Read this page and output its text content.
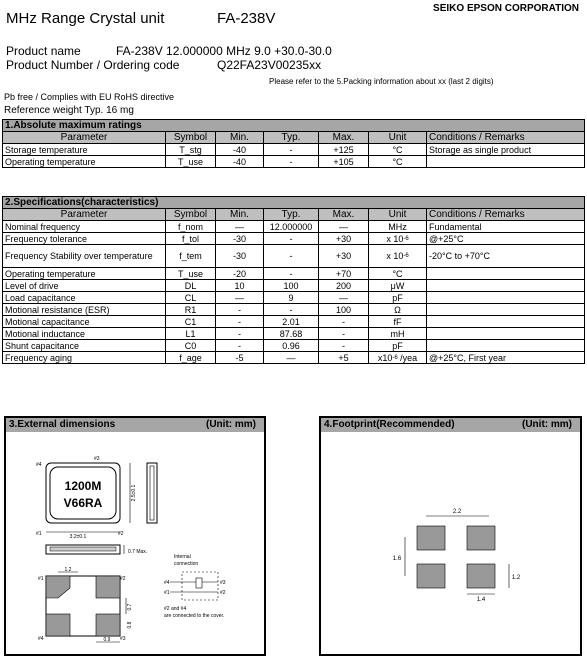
MHz Range Crystal unit	FA-238V
SEIKO EPSON CORPORATION
Product name	FA-238V 12.000000 MHz 9.0 +30.0-30.0
Product Number / Ordering code	Q22FA23V00235xx
Please refer to the 5.Packing information about xx (last 2 digits)
Pb free / Complies with EU RoHS directive
Reference weight Typ. 16 mg
1.Absolute maximum ratings						
Parameter	Symbol	Min.	Typ.	Max.	Unit	Conditions / Remarks
Storage temperature	T_stg	-40	-	+125	°C	Storage as single product
Operating temperature	T_use	-40	-	+105	°C	
2.Specifications(characteristics)						
Parameter	Symbol	Min.	Typ.	Max.	Unit	Conditions / Remarks
Nominal frequency	f_nom	—	12.000000	—	MHz	Fundamental
Frequency tolerance	f_tol	-30	-	+30	x $10^{-6}$	@+25°C
Frequency Stability over temperature	f_tem	-30	-	+30	x $10^{-6}$	-20°C to +70°C
Operating temperature	T_use	-20	-	+70	°C	
Level of drive	DL	10	100	200	μW	
Load capacitance	CL	—	9	—	pF	
Motional resistance (ESR)	R1	-	-	100	Ω	
Motional capacitance	C1	-	2.01	-	fF	
Motional inductance	L1	-	87.68	-	mH	
Shunt capacitance	C0	-	0.96	-	pF	
Frequency aging	f_age	-5	—	+5	$x10^{-6}$ /yea	@+25°C, First year
3.External dimensions	(Unit: mm)
1200M
V66RA
#4
#3
#1	#2
3.2±0.1
2.5±0.1
0.7 Max.
1.2
#1	#2
#4	#3
0.7
0.8
0.9
Internal
connection
#4	#3
#1	#2
#2 and #4
are connected to the cover.
4.Footprint(Recommended)	(Unit: mm)
2.2
1.6
1.2
1.4
